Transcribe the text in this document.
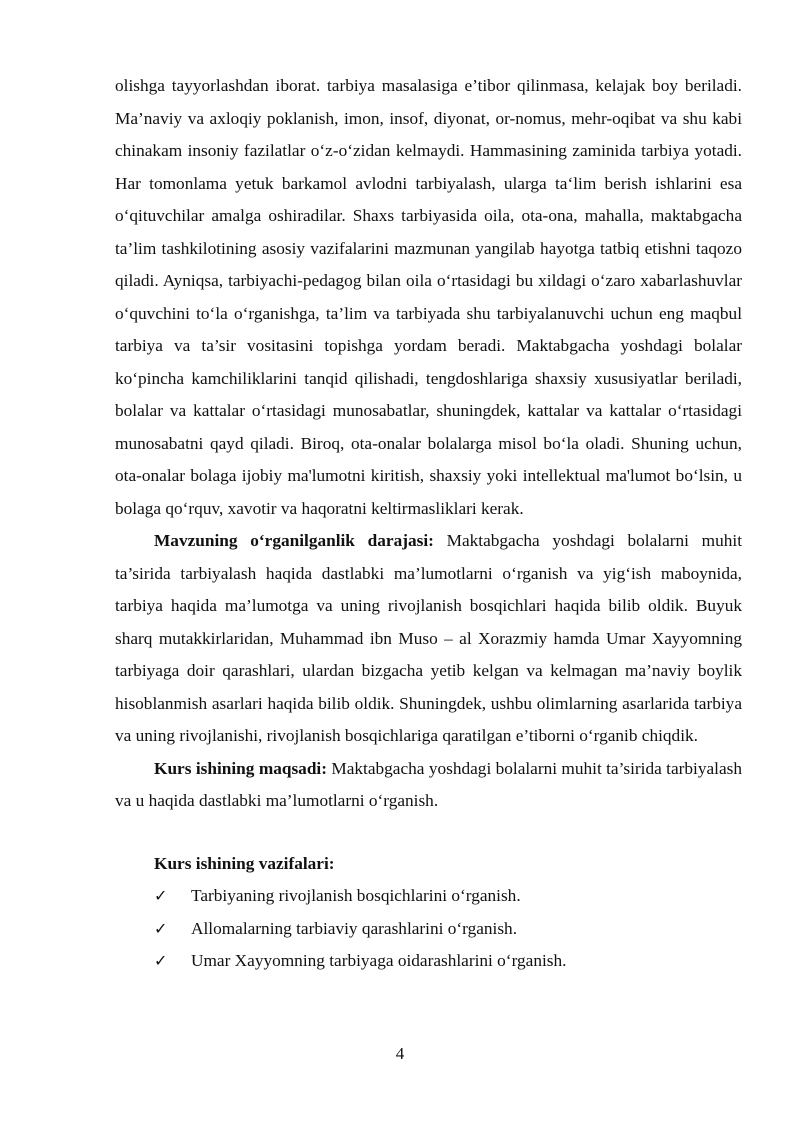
olishga tayyorlashdan iborat. tarbiya masalasiga e’tibor qilinmasa, kelajak boy beriladi. Ma’naviy va axloqiy poklanish, imon, insof, diyonat, or-nomus, mehr-oqibat va shu kabi chinakam insoniy fazilatlar o‘z-o‘zidan kelmaydi. Hammasining zaminida tarbiya yotadi. Har tomonlama yetuk barkamol avlodni tarbiyalash, ularga ta‘lim berish ishlarini esa o‘qituvchilar amalga oshiradilar. Shaxs tarbiyasida oila, ota-ona, mahalla, maktabgacha ta’lim tashkilotining asosiy vazifalarini mazmunan yangilab hayotga tatbiq etishni taqozo qiladi. Ayniqsa, tarbiyachi-pedagog bilan oila o‘rtasidagi bu xildagi o‘zaro xabarlashuvlar o‘quvchini to‘la o‘rganishga, ta’lim va tarbiyada shu tarbiyalanuvchi uchun eng maqbul tarbiya va ta’sir vositasini topishga yordam beradi. Maktabgacha yoshdagi bolalar ko‘pincha kamchiliklarini tanqid qilishadi, tengdoshlariga shaxsiy xususiyatlar beriladi, bolalar va kattalar o‘rtasidagi munosabatlar, shuningdek, kattalar va kattalar o‘rtasidagi munosabatni qayd qiladi. Biroq, ota-onalar bolalarga misol bo‘la oladi. Shuning uchun, ota-onalar bolaga ijobiy ma'lumotni kiritish, shaxsiy yoki intellektual ma'lumot bo‘lsin, u bolaga qo‘rquv, xavotir va haqoratni keltirmasliklari kerak.

Mavzuning o‘rganilganlik darajasi: Maktabgacha yoshdagi bolalarni muhit ta’sirida tarbiyalash haqida dastlabki ma’lumotlarni o‘rganish va yig‘ish maboynida, tarbiya haqida ma’lumotga va uning rivojlanish bosqichlari haqida bilib oldik. Buyuk sharq mutakkirlaridan, Muhammad ibn Muso – al Xorazmiy hamda Umar Xayyomning tarbiyaga doir qarashlari, ulardan bizgacha yetib kelgan va kelmagan ma’naviy boylik hisoblanmish asarlari haqida bilib oldik. Shuningdek, ushbu olimlarning asarlarida tarbiya va uning rivojlanishi, rivojlanish bosqichlariga qaratilgan e’tiborni o‘rganib chiqdik.

Kurs ishining maqsadi: Maktabgacha yoshdagi bolalarni muhit ta’sirida tarbiyalash va u haqida dastlabki ma’lumotlarni o‘rganish.

Kurs ishining vazifalari:

✓	Tarbiyaning rivojlanish bosqichlarini o‘rganish.
✓	Allomalarning tarbiaviy qarashlarini o‘rganish.
✓	Umar Xayyomning tarbiyaga oidarashlarini o‘rganish.
4
